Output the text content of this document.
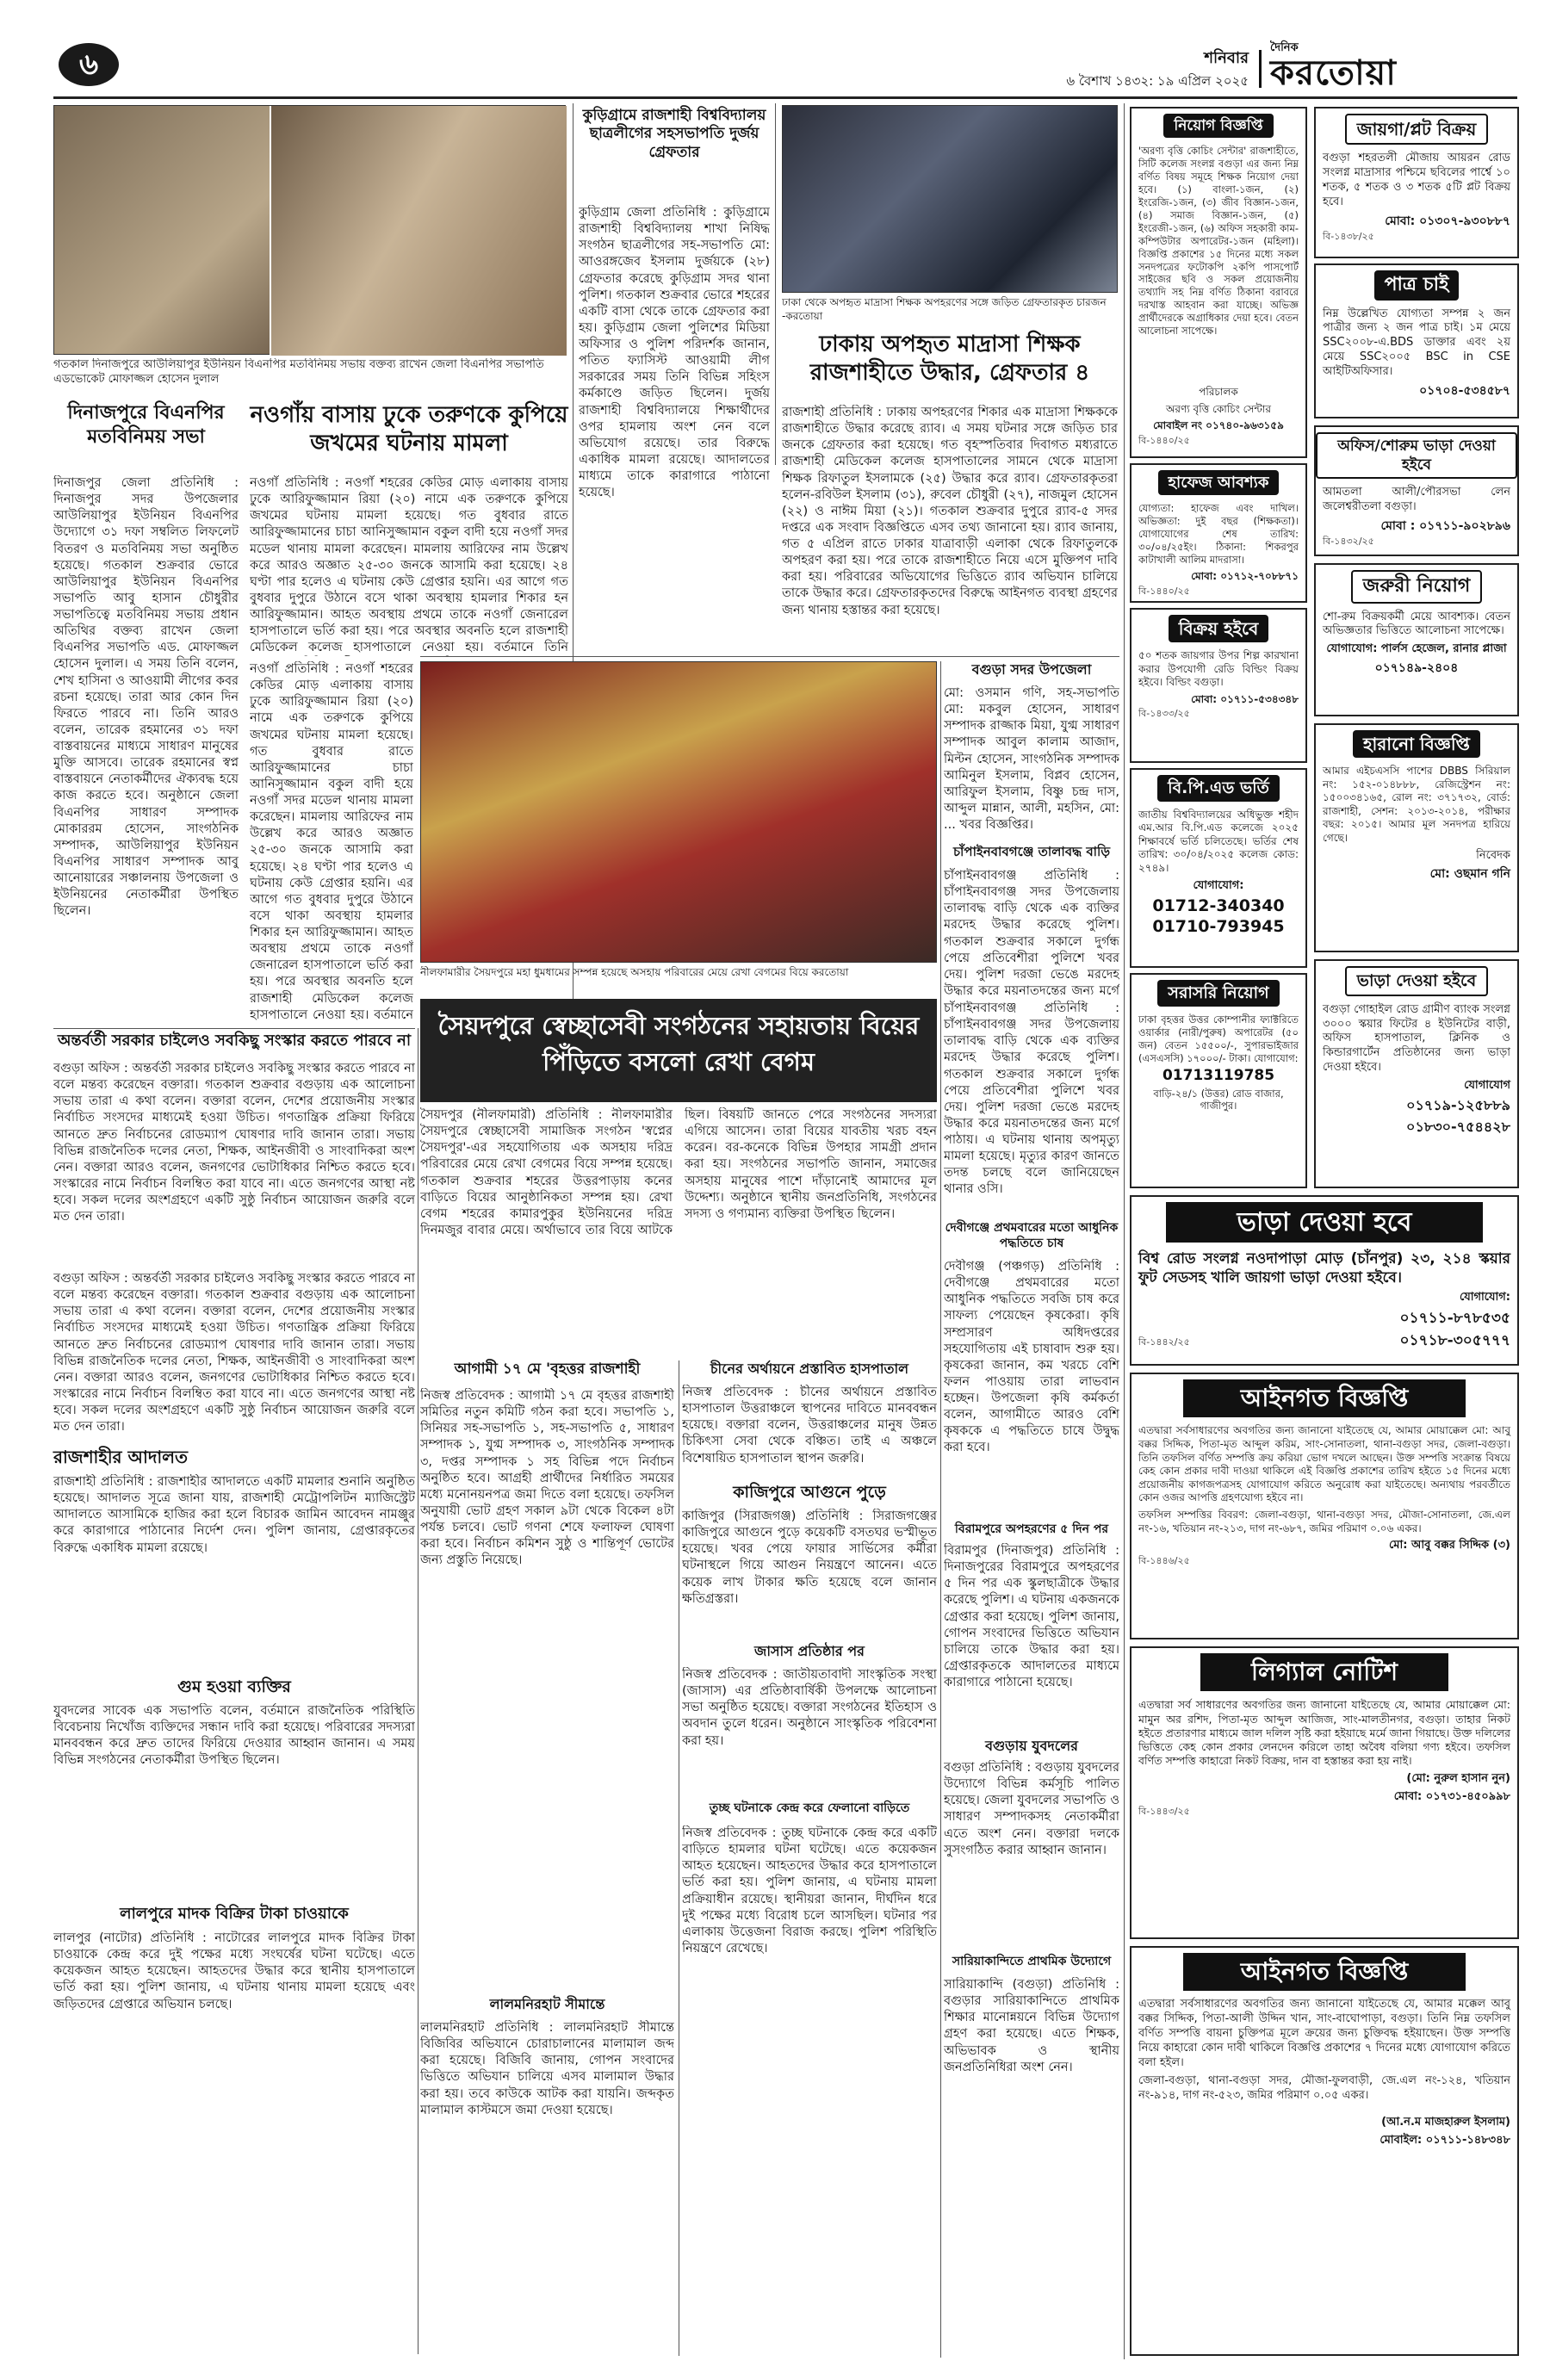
৬	শনিবার
৬ বৈশাখ ১৪৩২: ১৯ এপ্রিল ২০২৫
দৈনিক
করতোয়া
গতকাল দিনাজপুরে আউলিয়াপুর ইউনিয়ন বিএনপির মতবিনিময় সভায় বক্তব্য রাখেন জেলা বিএনপির সভাপতি এডভোকেট মোফাজ্জল হোসেন দুলাল
দিনাজপুরে বিএনপির মতবিনিময় সভা
দিনাজপুর জেলা প্রতিনিধি : দিনাজপুর সদর উপজেলার আউলিয়াপুর ইউনিয়ন বিএনপির উদ্যোগে ৩১ দফা সম্বলিত লিফলেট বিতরণ ও মতবিনিময় সভা অনুষ্ঠিত হয়েছে। গতকাল শুক্রবার ভোরে আউলিয়াপুর ইউনিয়ন বিএনপির সভাপতি আবু হাসান চৌধুরীর সভাপতিত্বে মতবিনিময় সভায় প্রধান অতিথির বক্তব্য রাখেন জেলা বিএনপির সভাপতি এড. মোফাজ্জল হোসেন দুলাল। এ সময় তিনি বলেন, শেখ হাসিনা ও আওয়ামী লীগের কবর রচনা হয়েছে। তারা আর কোন দিন ফিরতে পারবে না। তিনি আরও বলেন, তারেক রহমানের ৩১ দফা বাস্তবায়নের মাধ্যমে সাধারণ মানুষের মুক্তি আসবে। তারেক রহমানের স্বপ্ন বাস্তবায়নে নেতাকর্মীদের ঐক্যবদ্ধ হয়ে কাজ করতে হবে। অনুষ্ঠানে জেলা বিএনপির সাধারণ সম্পাদক মোকাররম হোসেন, সাংগঠনিক সম্পাদক, আউলিয়াপুর ইউনিয়ন বিএনপির সাধারণ সম্পাদক আবু আনোয়ারের সঞ্চালনায় উপজেলা ও ইউনিয়নের নেতাকর্মীরা উপস্থিত ছিলেন।
নওগাঁয় বাসায় ঢুকে তরুণকে কুপিয়ে জখমের ঘটনায় মামলা
নওগাঁ প্রতিনিধি : নওগাঁ শহরের কেডির মোড় এলাকায় বাসায় ঢুকে আরিফুজ্জামান রিয়া (২০) নামে এক তরুণকে কুপিয়ে জখমের ঘটনায় মামলা হয়েছে। গত বুধবার রাতে আরিফুজ্জামানের চাচা আনিসুজ্জামান বকুল বাদী হয়ে নওগাঁ সদর মডেল থানায় মামলা করেছেন। মামলায় আরিফের নাম উল্লেখ করে আরও অজ্ঞাত ২৫-৩০ জনকে আসামি করা হয়েছে। ২৪ ঘণ্টা পার হলেও এ ঘটনায় কেউ গ্রেপ্তার হয়নি। এর আগে গত বুধবার দুপুরে উঠানে বসে থাকা অবস্থায় হামলার শিকার হন আরিফুজ্জামান। আহত অবস্থায় প্রথমে তাকে নওগাঁ জেনারেল হাসপাতালে ভর্তি করা হয়। পরে অবস্থার অবনতি হলে রাজশাহী মেডিকেল কলেজ হাসপাতালে নেওয়া হয়। বর্তমানে তিনি
কুড়িগ্রামে রাজশাহী বিশ্ববিদ্যালয় ছাত্রলীগের সহসভাপতি দুর্জয় গ্রেফতার
কুড়িগ্রাম জেলা প্রতিনিধি : কুড়িগ্রামে রাজশাহী বিশ্ববিদ্যালয় শাখা নিষিদ্ধ সংগঠন ছাত্রলীগের সহ-সভাপতি মো: আওরঙ্গজেব ইসলাম দুর্জয়কে (২৮) গ্রেফতার করেছে কুড়িগ্রাম সদর থানা পুলিশ। গতকাল শুক্রবার ভোরে শহরের একটি বাসা থেকে তাকে গ্রেফতার করা হয়। কুড়িগ্রাম জেলা পুলিশের মিডিয়া অফিসার ও পুলিশ পরিদর্শক জানান, পতিত ফ্যাসিস্ট আওয়ামী লীগ সরকারের সময় তিনি বিভিন্ন সহিংস কর্মকাণ্ডে জড়িত ছিলেন। দুর্জয় রাজশাহী বিশ্ববিদ্যালয়ে শিক্ষার্থীদের ওপর হামলায় অংশ নেন বলে অভিযোগ রয়েছে। তার বিরুদ্ধে একাধিক মামলা রয়েছে। আদালতের মাধ্যমে তাকে কারাগারে পাঠানো হয়েছে।
ঢাকা থেকে অপহৃত মাদ্রাসা শিক্ষক অপহরণের সঙ্গে জড়িত গ্রেফতারকৃত চারজন -করতোয়া
ঢাকায় অপহৃত মাদ্রাসা শিক্ষক রাজশাহীতে উদ্ধার, গ্রেফতার ৪
রাজশাহী প্রতিনিধি : ঢাকায় অপহরণের শিকার এক মাদ্রাসা শিক্ষককে রাজশাহীতে উদ্ধার করেছে র‌্যাব। এ সময় ঘটনার সঙ্গে জড়িত চার জনকে গ্রেফতার করা হয়েছে। গত বৃহস্পতিবার দিবাগত মধ্যরাতে রাজশাহী মেডিকেল কলেজ হাসপাতালের সামনে থেকে মাদ্রাসা শিক্ষক রিফাতুল ইসলামকে (২৫) উদ্ধার করে র‌্যাব। গ্রেফতারকৃতরা হলেন-রবিউল ইসলাম (৩১), রুবেল চৌধুরী (২৭), নাজমুল হোসেন (২২) ও নাঈম মিয়া (২১)। গতকাল শুক্রবার দুপুরে র‌্যাব-৫ সদর দপ্তরে এক সংবাদ বিজ্ঞপ্তিতে এসব তথ্য জানানো হয়। র‌্যাব জানায়, গত ৫ এপ্রিল রাতে ঢাকার যাত্রাবাড়ী এলাকা থেকে রিফাতুলকে অপহরণ করা হয়। পরে তাকে রাজশাহীতে নিয়ে এসে মুক্তিপণ দাবি করা হয়। পরিবারের অভিযোগের ভিত্তিতে র‌্যাব অভিযান চালিয়ে তাকে উদ্ধার করে। গ্রেফতারকৃতদের বিরুদ্ধে আইনগত ব্যবস্থা গ্রহণের জন্য থানায় হস্তান্তর করা হয়েছে।
নীলফামারীর সৈয়দপুরে মহা ধুমধামের সম্পন্ন হয়েছে অসহায় পরিবারের মেয়ে রেখা বেগমের বিয়ে করতোয়া
বগুড়া সদর উপজেলা
মো: ওসমান গণি, সহ-সভাপতি মো: মকবুল হোসেন, সাধারণ সম্পাদক রাজ্জাক মিয়া, যুগ্ম সাধারণ সম্পাদক আবুল কালাম আজাদ, মিল্টন হোসেন, সাংগঠনিক সম্পাদক আমিনুল ইসলাম, বিপ্লব হোসেন, আরিফুল ইসলাম, বিষ্ণু চন্দ্র দাস, আব্দুল মান্নান, আলী, মহসিন, মো: ... খবর বিজ্ঞপ্তির।
চাঁপাইনবাবগঞ্জে তালাবদ্ধ বাড়ি
চাঁপাইনবাবগঞ্জ প্রতিনিধি : চাঁপাইনবাবগঞ্জ সদর উপজেলায় তালাবদ্ধ বাড়ি থেকে এক ব্যক্তির মরদেহ উদ্ধার করেছে পুলিশ। গতকাল শুক্রবার সকালে দুর্গন্ধ পেয়ে প্রতিবেশীরা পুলিশে খবর দেয়। পুলিশ দরজা ভেঙে মরদেহ উদ্ধার করে ময়নাতদন্তের জন্য মর্গে
নওগাঁ প্রতিনিধি : নওগাঁ শহরের কেডির মোড় এলাকায় বাসায় ঢুকে আরিফুজ্জামান রিয়া (২০) নামে এক তরুণকে কুপিয়ে জখমের ঘটনায় মামলা হয়েছে। গত বুধবার রাতে আরিফুজ্জামানের চাচা আনিসুজ্জামান বকুল বাদী হয়ে নওগাঁ সদর মডেল থানায় মামলা করেছেন। মামলায় আরিফের নাম উল্লেখ করে আরও অজ্ঞাত ২৫-৩০ জনকে আসামি করা হয়েছে। ২৪ ঘণ্টা পার হলেও এ ঘটনায় কেউ গ্রেপ্তার হয়নি। এর আগে গত বুধবার দুপুরে উঠানে বসে থাকা অবস্থায় হামলার শিকার হন আরিফুজ্জামান। আহত অবস্থায় প্রথমে তাকে নওগাঁ জেনারেল হাসপাতালে ভর্তি করা হয়। পরে অবস্থার অবনতি হলে রাজশাহী মেডিকেল কলেজ হাসপাতালে নেওয়া হয়। বর্তমানে সৈয়দপুরে স্বেচ্ছাসেবী সংগঠনের সহায়তায় বিয়ের পিঁড়িতে বসলো রেখা বেগম
সৈয়দপুর (নীলফামারী) প্রতিনিধি : নীলফামারীর সৈয়দপুরে স্বেচ্ছাসেবী সামাজিক সংগঠন 'স্বপ্নের সৈয়দপুর'-এর সহযোগিতায় এক অসহায় দরিদ্র পরিবারের মেয়ে রেখা বেগমের বিয়ে সম্পন্ন হয়েছে। গতকাল শুক্রবার শহরের উত্তরপাড়ায় কনের বাড়িতে বিয়ের আনুষ্ঠানিকতা সম্পন্ন হয়। রেখা বেগম শহরের কামারপুকুর ইউনিয়নের দরিদ্র দিনমজুর বাবার মেয়ে। অর্থাভাবে তার বিয়ে আটকে ছিল। বিষয়টি জানতে পেরে সংগঠনের সদস্যরা এগিয়ে আসেন। তারা বিয়ের যাবতীয় খরচ বহন করেন। বর-কনেকে বিভিন্ন উপহার সামগ্রী প্রদান করা হয়। সংগঠনের সভাপতি জানান, সমাজের অসহায় মানুষের পাশে দাঁড়ানোই আমাদের মূল উদ্দেশ্য। অনুষ্ঠানে স্থানীয় জনপ্রতিনিধি, সংগঠনের সদস্য ও গণ্যমান্য ব্যক্তিরা উপস্থিত ছিলেন।
চাঁপাইনবাবগঞ্জ প্রতিনিধি : চাঁপাইনবাবগঞ্জ সদর উপজেলায় তালাবদ্ধ বাড়ি থেকে এক ব্যক্তির মরদেহ উদ্ধার করেছে পুলিশ। গতকাল শুক্রবার সকালে দুর্গন্ধ পেয়ে প্রতিবেশীরা পুলিশে খবর দেয়। পুলিশ দরজা ভেঙে মরদেহ উদ্ধার করে ময়নাতদন্তের জন্য মর্গে পাঠায়। এ ঘটনায় থানায় অপমৃত্যু মামলা হয়েছে। মৃত্যুর কারণ জানতে তদন্ত চলছে বলে জানিয়েছেন থানার ওসি।
দেবীগঞ্জে প্রথমবারের মতো আধুনিক পদ্ধতিতে চাষ
দেবীগঞ্জ (পঞ্চগড়) প্রতিনিধি : দেবীগঞ্জে প্রথমবারের মতো আধুনিক পদ্ধতিতে সবজি চাষ করে সাফল্য পেয়েছেন কৃষকেরা। কৃষি সম্প্রসারণ অধিদপ্তরের সহযোগিতায় এই চাষাবাদ শুরু হয়। কৃষকেরা জানান, কম খরচে বেশি ফলন পাওয়ায় তারা লাভবান হচ্ছেন। উপজেলা কৃষি কর্মকর্তা বলেন, আগামীতে আরও বেশি কৃষককে এ পদ্ধতিতে চাষে উদ্বুদ্ধ করা হবে।
বিরামপুরে অপহরণের ৫ দিন পর
বিরামপুর (দিনাজপুর) প্রতিনিধি : দিনাজপুরের বিরামপুরে অপহরণের ৫ দিন পর এক স্কুলছাত্রীকে উদ্ধার করেছে পুলিশ। এ ঘটনায় একজনকে গ্রেপ্তার করা হয়েছে। পুলিশ জানায়, গোপন সংবাদের ভিত্তিতে অভিযান চালিয়ে তাকে উদ্ধার করা হয়। গ্রেপ্তারকৃতকে আদালতের মাধ্যমে কারাগারে পাঠানো হয়েছে।
বগুড়ায় যুবদলের
বগুড়া প্রতিনিধি : বগুড়ায় যুবদলের উদ্যোগে বিভিন্ন কর্মসূচি পালিত হয়েছে। জেলা যুবদলের সভাপতি ও সাধারণ সম্পাদকসহ নেতাকর্মীরা এতে অংশ নেন। বক্তারা দলকে সুসংগঠিত করার আহ্বান জানান।
সারিয়াকান্দিতে প্রাথমিক উদ্যোগে
সারিয়াকান্দি (বগুড়া) প্রতিনিধি : বগুড়ার সারিয়াকান্দিতে প্রাথমিক শিক্ষার মানোন্নয়নে বিভিন্ন উদ্যোগ গ্রহণ করা হয়েছে। এতে শিক্ষক, অভিভাবক ও স্থানীয় জনপ্রতিনিধিরা অংশ নেন।
অন্তর্বর্তী সরকার চাইলেও সবকিছু সংস্কার করতে পারবে না
বগুড়া অফিস : অন্তর্বর্তী সরকার চাইলেও সবকিছু সংস্কার করতে পারবে না বলে মন্তব্য করেছেন বক্তারা। গতকাল শুক্রবার বগুড়ায় এক আলোচনা সভায় তারা এ কথা বলেন। বক্তারা বলেন, দেশের প্রয়োজনীয় সংস্কার নির্বাচিত সংসদের মাধ্যমেই হওয়া উচিত। গণতান্ত্রিক প্রক্রিয়া ফিরিয়ে আনতে দ্রুত নির্বাচনের রোডম্যাপ ঘোষণার দাবি জানান তারা। সভায় বিভিন্ন রাজনৈতিক দলের নেতা, শিক্ষক, আইনজীবী ও সাংবাদিকরা অংশ নেন। বক্তারা আরও বলেন, জনগণের ভোটাধিকার নিশ্চিত করতে হবে। সংস্কারের নামে নির্বাচন বিলম্বিত করা যাবে না। এতে জনগণের আস্থা নষ্ট হবে। সকল দলের অংশগ্রহণে একটি সুষ্ঠু নির্বাচন আয়োজন জরুরি বলে মত দেন তারা।
বগুড়া অফিস : অন্তর্বর্তী সরকার চাইলেও সবকিছু সংস্কার করতে পারবে না বলে মন্তব্য করেছেন বক্তারা। গতকাল শুক্রবার বগুড়ায় এক আলোচনা সভায় তারা এ কথা বলেন। বক্তারা বলেন, দেশের প্রয়োজনীয় সংস্কার নির্বাচিত সংসদের মাধ্যমেই হওয়া উচিত। গণতান্ত্রিক প্রক্রিয়া ফিরিয়ে আনতে দ্রুত নির্বাচনের রোডম্যাপ ঘোষণার দাবি জানান তারা। সভায় বিভিন্ন রাজনৈতিক দলের নেতা, শিক্ষক, আইনজীবী ও সাংবাদিকরা অংশ নেন। বক্তারা আরও বলেন, জনগণের ভোটাধিকার নিশ্চিত করতে হবে। সংস্কারের নামে নির্বাচন বিলম্বিত করা যাবে না। এতে জনগণের আস্থা নষ্ট হবে। সকল দলের অংশগ্রহণে একটি সুষ্ঠু নির্বাচন আয়োজন জরুরি বলে মত দেন তারা।
রাজশাহীর আদালত
রাজশাহী প্রতিনিধি : রাজশাহীর আদালতে একটি মামলার শুনানি অনুষ্ঠিত হয়েছে। আদালত সূত্রে জানা যায়, রাজশাহী মেট্রোপলিটন ম্যাজিস্ট্রেট আদালতে আসামিকে হাজির করা হলে বিচারক জামিন আবেদন নামঞ্জুর করে কারাগারে পাঠানোর নির্দেশ দেন। পুলিশ জানায়, গ্রেপ্তারকৃতের বিরুদ্ধে একাধিক মামলা রয়েছে।
গুম হওয়া ব্যক্তির
যুবদলের সাবেক এক সভাপতি বলেন, বর্তমানে রাজনৈতিক পরিস্থিতি বিবেচনায় নিখোঁজ ব্যক্তিদের সন্ধান দাবি করা হয়েছে। পরিবারের সদস্যরা মানববন্ধন করে দ্রুত তাদের ফিরিয়ে দেওয়ার আহ্বান জানান। এ সময় বিভিন্ন সংগঠনের নেতাকর্মীরা উপস্থিত ছিলেন।
লালপুরে মাদক বিক্রির টাকা চাওয়াকে
লালপুর (নাটোর) প্রতিনিধি : নাটোরের লালপুরে মাদক বিক্রির টাকা চাওয়াকে কেন্দ্র করে দুই পক্ষের মধ্যে সংঘর্ষের ঘটনা ঘটেছে। এতে কয়েকজন আহত হয়েছেন। আহতদের উদ্ধার করে স্থানীয় হাসপাতালে ভর্তি করা হয়। পুলিশ জানায়, এ ঘটনায় থানায় মামলা হয়েছে এবং জড়িতদের গ্রেপ্তারে অভিযান চলছে।
আগামী ১৭ মে 'বৃহত্তর রাজশাহী
নিজস্ব প্রতিবেদক : আগামী ১৭ মে বৃহত্তর রাজশাহী সমিতির নতুন কমিটি গঠন করা হবে। সভাপতি ১, সিনিয়র সহ-সভাপতি ১, সহ-সভাপতি ৫, সাধারণ সম্পাদক ১, যুগ্ম সম্পাদক ৩, সাংগঠনিক সম্পাদক ৩, দপ্তর সম্পাদক ১ সহ বিভিন্ন পদে নির্বাচন অনুষ্ঠিত হবে। আগ্রহী প্রার্থীদের নির্ধারিত সময়ের মধ্যে মনোনয়নপত্র জমা দিতে বলা হয়েছে। তফসিল অনুযায়ী ভোট গ্রহণ সকাল ৯টা থেকে বিকেল ৪টা পর্যন্ত চলবে। ভোট গণনা শেষে ফলাফল ঘোষণা করা হবে। নির্বাচন কমিশন সুষ্ঠু ও শান্তিপূর্ণ ভোটের জন্য প্রস্তুতি নিয়েছে।
লালমনিরহাট সীমান্তে
লালমনিরহাট প্রতিনিধি : লালমনিরহাট সীমান্তে বিজিবির অভিযানে চোরাচালানের মালামাল জব্দ করা হয়েছে। বিজিবি জানায়, গোপন সংবাদের ভিত্তিতে অভিযান চালিয়ে এসব মালামাল উদ্ধার করা হয়। তবে কাউকে আটক করা যায়নি। জব্দকৃত মালামাল কাস্টমসে জমা দেওয়া হয়েছে।
চীনের অর্থায়নে প্রস্তাবিত হাসপাতাল
নিজস্ব প্রতিবেদক : চীনের অর্থায়নে প্রস্তাবিত হাসপাতাল উত্তরাঞ্চলে স্থাপনের দাবিতে মানববন্ধন হয়েছে। বক্তারা বলেন, উত্তরাঞ্চলের মানুষ উন্নত চিকিৎসা সেবা থেকে বঞ্চিত। তাই এ অঞ্চলে বিশেষায়িত হাসপাতাল স্থাপন জরুরি।
কাজিপুরে আগুনে পুড়ে
কাজিপুর (সিরাজগঞ্জ) প্রতিনিধি : সিরাজগঞ্জের কাজিপুরে আগুনে পুড়ে কয়েকটি বসতঘর ভস্মীভূত হয়েছে। খবর পেয়ে ফায়ার সার্ভিসের কর্মীরা ঘটনাস্থলে গিয়ে আগুন নিয়ন্ত্রণে আনেন। এতে কয়েক লাখ টাকার ক্ষতি হয়েছে বলে জানান ক্ষতিগ্রস্তরা।
জাসাস প্রতিষ্ঠার পর
নিজস্ব প্রতিবেদক : জাতীয়তাবাদী সাংস্কৃতিক সংস্থা (জাসাস) এর প্রতিষ্ঠাবার্ষিকী উপলক্ষে আলোচনা সভা অনুষ্ঠিত হয়েছে। বক্তারা সংগঠনের ইতিহাস ও অবদান তুলে ধরেন। অনুষ্ঠানে সাংস্কৃতিক পরিবেশনা করা হয়।
তুচ্ছ ঘটনাকে কেন্দ্র করে ফেলানো বাড়িতে
নিজস্ব প্রতিবেদক : তুচ্ছ ঘটনাকে কেন্দ্র করে একটি বাড়িতে হামলার ঘটনা ঘটেছে। এতে কয়েকজন আহত হয়েছেন। আহতদের উদ্ধার করে হাসপাতালে ভর্তি করা হয়। পুলিশ জানায়, এ ঘটনায় মামলা প্রক্রিয়াধীন রয়েছে। স্থানীয়রা জানান, দীর্ঘদিন ধরে দুই পক্ষের মধ্যে বিরোধ চলে আসছিল। ঘটনার পর এলাকায় উত্তেজনা বিরাজ করছে। পুলিশ পরিস্থিতি নিয়ন্ত্রণে রেখেছে।
নিয়োগ বিজ্ঞপ্তি
'অরণ্য বৃত্তি কোচিং সেন্টার' রাজশাহীতে, সিটি কলেজ সংলগ্ন বগুড়া এর জন্য নিম্ন বর্ণিত বিষয় সমূহে শিক্ষক নিয়োগ দেয়া হবে। (১) বাংলা-১জন, (২) ইংরেজি-১জন, (৩) জীব বিজ্ঞান-১জন, (৪) সমাজ বিজ্ঞান-১জন, (৫) ইংরেজী-১জন, (৬) অফিস সহকারী কাম-কম্পিউটার অপারেটর-১জন (মহিলা)। বিজ্ঞপ্তি প্রকাশের ১৫ দিনের মধ্যে সকল সনদপত্রের ফটোকপি ২কপি পাসপোর্ট সাইজের ছবি ও সকল প্রয়োজনীয় তথ্যাদি সহ নিম্ন বর্ণিত ঠিকানা বরাবরে দরখাস্ত আহবান করা যাচ্ছে। অভিজ্ঞ প্রার্থীদেরকে অগ্রাধিকার দেয়া হবে। বেতন আলোচনা সাপেক্ষে।
পরিচালক
অরণ্য বৃত্তি কোচিং সেন্টার
মোবাইল নং ০১৭৪০-৯৬৩১৫৯
বি-১৪৪০/২৫
জায়গা/প্লট বিক্রয়
বগুড়া শহরতলী মৌজায় আয়রন রোড সংলগ্ন মাদ্রাসার পশ্চিমে ছবিলের পার্শ্বে ১০ শতক, ৫ শতক ও ৩ শতক ৫টি প্লট বিক্রয় হবে।
মোবা: ০১৩০৭-৯৩০৮৮৭
বি-১৪৩৮/২৫
পাত্র চাই
নিম্ন উল্লেখিত যোগ্যতা সম্পন্ন ২ জন পাত্রীর জন্য ২ জন পাত্র চাই। ১ম মেয়ে SSC২০০৮-এ.BDS ডাক্তার এবং ২য় মেয়ে SSC২০০৫ BSC in CSE আইটিঅফিসার।
০১৭০৪-৫৩৪৫৮৭
অফিস/শোরুম ভাড়া দেওয়া হইবে
আমতলা আলী/পৌরসভা লেন জলেশ্বরীতলা বগুড়া।
মোবা : ০১৭১১-৯০২৮৯৬
বি-১৪৩২/২৫
হাফেজ আবশ্যক
যোগ্যতা: হাফেজ এবং দাখিল। অভিজ্ঞতা: দুই বছর (শিক্ষকতা)। যোগাযোগের শেষ তারিখ: ৩০/০৪/২৫ইং। ঠিকানা: শিকরপুর কাটাখালী আলিম মাদরাসা।
মোবা: ০১৭১২-৭০৮৮৭১
বি-১৪৪০/২৫	জরুরী নিয়োগ
শো-রুম বিক্রয়কর্মী মেয়ে আবশ্যক। বেতন অভিজ্ঞতার ভিত্তিতে আলোচনা সাপেক্ষে।
যোগাযোগ: পার্লস হেজেল, রানার প্লাজা
০১৭১৪৯-২৪০৪
বিক্রয় হইবে
৫০ শতক জায়গার উপর শিল্প কারখানা করার উপযোগী রেডি বিল্ডিং বিক্রয় হইবে। বিল্ডিং বগুড়া।
মোবা: ০১৭১১-৫৩৪৩৪৮
বি-১৪৩৩/২৫
হারানো বিজ্ঞপ্তি
আমার এইচএসসি পাশের DBBS সিরিয়াল নং: ১৫২-০১৪৮৮৮, রেজিস্ট্রেশন নং: ১৫০০৩৪১৬৫, রোল নং: ৩৭১৭৩২, বোর্ড: রাজশাহী, সেশন: ২০১৩-২০১৪, পরীক্ষার বছর: ২০১৫। আমার মূল সনদপত্র হারিয়ে গেছে।
নিবেদক
মো: ওছমান গনি
বি.পি.এড ভর্তি
জাতীয় বিশ্ববিদ্যালয়ের অধিভুক্ত শহীদ এম.আর বি.পি.এড কলেজে ২০২৫ শিক্ষাবর্ষে ভর্তি চলিতেছে। ভর্তির শেষ তারিখ: ৩০/০৪/২০২৫ কলেজ কোড: ২৭৪৯।
যোগাযোগ:
01712-340340
01710-793945
সরাসরি নিয়োগ
ঢাকা বৃহত্তর উত্তর কোম্পানীর ফ্যাক্টরিতে ওয়ার্কার (নারী/পুরুষ) অপারেটর (৫০ জন) বেতন ১৫৫০০/-, সুপারভাইজার (এসএসসি) ১৭০০০/- টাকা। যোগাযোগ:
01713119785
বাড়ি-২৪/১ (উত্তর) রোড বাজার, গাজীপুর।
ভাড়া দেওয়া হইবে
বগুড়া গোহাইল রোড গ্রামীণ ব্যাংক সংলগ্ন ৩০০০ স্কয়ার ফিটের ৪ ইউনিটের বাড়ী, অফিস হাসপাতাল, ক্লিনিক ও কিন্ডারগার্টেন প্রতিষ্ঠানের জন্য ভাড়া দেওয়া হইবে।
যোগাযোগ
০১৭১৯-১২৫৮৮৯
০১৮৩০-৭৫৪৪২৮
ভাড়া দেওয়া হবে
বিশ্ব রোড সংলগ্ন নওদাপাড়া মোড় (চাঁনপুর) ২৩, ২১৪ স্কয়ার ফুট সেডসহ খালি জায়গা ভাড়া দেওয়া হইবে।
যোগাযোগ:
০১৭১১-৮৭৮৫৩৫
০১৭১৮-৩০৫৭৭৭
বি-১৪৪২/২৫
আইনগত বিজ্ঞপ্তি
এতদ্বারা সর্বসাধারণের অবগতির জন্য জানানো যাইতেছে যে, আমার মোয়াক্কেল মো: আবু বক্কর সিদ্দিক, পিতা-মৃত আব্দুল করিম, সাং-সোনাতলা, থানা-বগুড়া সদর, জেলা-বগুড়া। তিনি তফসিল বর্ণিত সম্পত্তি ক্রয় করিয়া ভোগ দখলে আছেন। উক্ত সম্পত্তি সংক্রান্ত বিষয়ে কেহ কোন প্রকার দাবী দাওয়া থাকিলে এই বিজ্ঞপ্তি প্রকাশের তারিখ হইতে ১৫ দিনের মধ্যে প্রয়োজনীয় কাগজপত্রসহ যোগাযোগ করিতে অনুরোধ করা যাইতেছে। অন্যথায় পরবর্তীতে কোন ওজর আপত্তি গ্রহণযোগ্য হইবে না।
তফসিল সম্পত্তির বিবরণ: জেলা-বগুড়া, থানা-বগুড়া সদর, মৌজা-সোনাতলা, জে.এল নং-১৬, খতিয়ান নং-২১৩, দাগ নং-৬৮৭, জমির পরিমাণ ০.০৬ একর।
মো: আবু বক্কর সিদ্দিক (৩)
বি-১৪৪৬/২৫
লিগ্যাল নোটিশ
এতদ্বারা সর্ব সাধারণের অবগতির জন্য জানানো যাইতেছে যে, আমার মোয়াক্কেল মো: মামুন অর রশিদ, পিতা-মৃত আব্দুল আজিজ, সাং-মালতীনগর, বগুড়া। তাহার নিকট হইতে প্রতারণার মাধ্যমে জাল দলিল সৃষ্টি করা হইয়াছে মর্মে জানা গিয়াছে। উক্ত দলিলের ভিত্তিতে কেহ কোন প্রকার লেনদেন করিলে তাহা অবৈধ বলিয়া গণ্য হইবে। তফসিল বর্ণিত সম্পত্তি কাহারো নিকট বিক্রয়, দান বা হস্তান্তর করা হয় নাই।
(মো: নুরুল হাসান নুন)
মোবা: ০১৭৩১-৪৫০৯৯৮
বি-১৪৪৩/২৫
আইনগত বিজ্ঞপ্তি
এতদ্বারা সর্বসাধারণের অবগতির জন্য জানানো যাইতেছে যে, আমার মক্কেল আবু বক্কর সিদ্দিক, পিতা-আলী উদ্দিন খান, সাং-বাঘোপাড়া, বগুড়া। তিনি নিম্ন তফসিল বর্ণিত সম্পত্তি বায়না চুক্তিপত্র মূলে ক্রয়ের জন্য চুক্তিবদ্ধ হইয়াছেন। উক্ত সম্পত্তি নিয়ে কাহারো কোন দাবী থাকিলে বিজ্ঞপ্তি প্রকাশের ৭ দিনের মধ্যে যোগাযোগ করিতে বলা হইল।
জেলা-বগুড়া, থানা-বগুড়া সদর, মৌজা-ফুলবাড়ী, জে.এল নং-১২৪, খতিয়ান নং-৯১৪, দাগ নং-৫২৩, জমির পরিমাণ ০.০৫ একর।
(আ.ন.ম মাজহারুল ইসলাম)
মোবাইল: ০১৭১১-১৪৮৩৪৮
